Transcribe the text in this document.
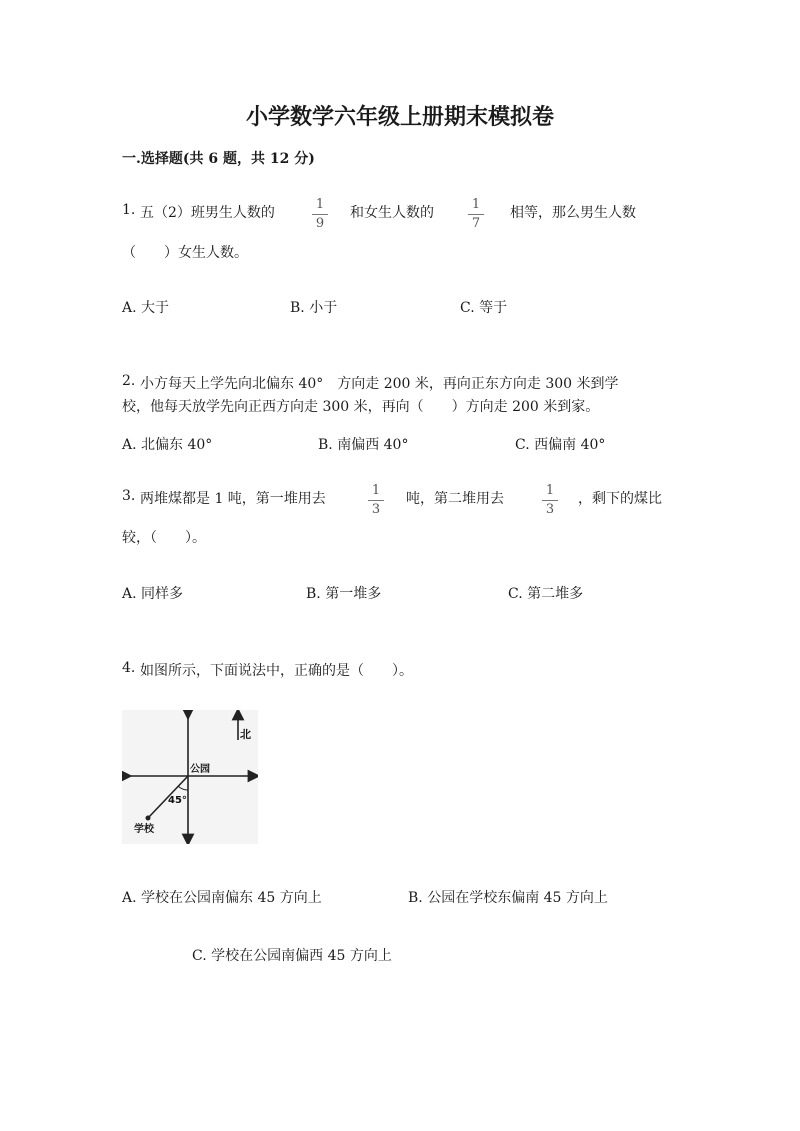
小学数学六年级上册期末模拟卷
一.选择题(共 6 题，共 12 分)
1. 五（2）班男生人数的
1
9
和女生人数的
1
7
相等，那么男生人数
（　　）女生人数。
A. 大于	B. 小于	C. 等于
2. 小方每天上学先向北偏东 40°　方向走 200 米，再向正东方向走 300 米到学
校，他每天放学先向正西方向走 300 米，再向（　　）方向走 200 米到家。
A. 北偏东 40°	B. 南偏西 40°	C. 西偏南 40°
3. 两堆煤都是 1 吨，第一堆用去
1
3
吨，第二堆用去
1
3
，剩下的煤比
较，（　　）。
A. 同样多	B. 第一堆多	C. 第二堆多
4. 如图所示，下面说法中，正确的是（　　）。
北
公园
45°
学校
A. 学校在公园南偏东 45 方向上	B. 公园在学校东偏南 45 方向上
C. 学校在公园南偏西 45 方向上
